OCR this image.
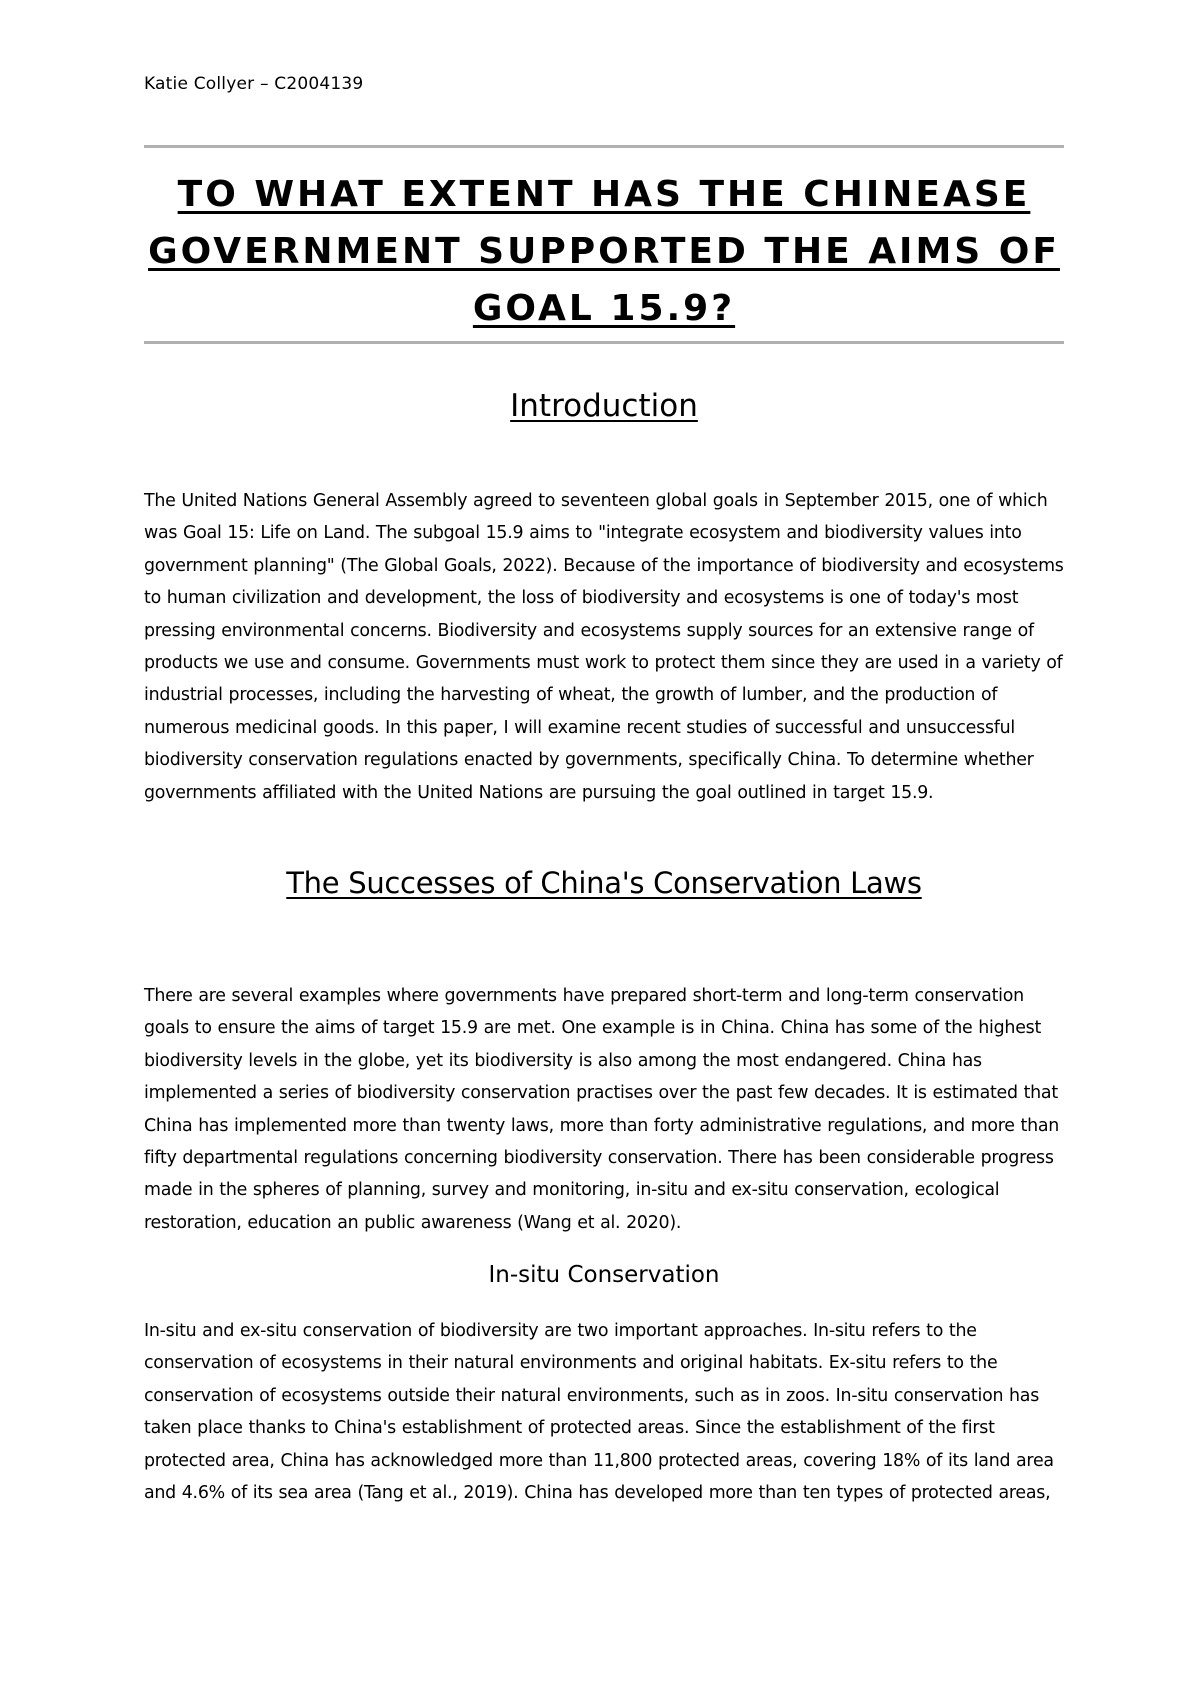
Katie Collyer – C2004139
TO WHAT EXTENT HAS THE CHINEASE GOVERNMENT SUPPORTED THE AIMS OF GOAL 15.9?
Introduction

The United Nations General Assembly agreed to seventeen global goals in September 2015, one of which was Goal 15: Life on Land. The subgoal 15.9 aims to "integrate ecosystem and biodiversity values into government planning" (The Global Goals, 2022). Because of the importance of biodiversity and ecosystems to human civilization and development, the loss of biodiversity and ecosystems is one of today's most pressing environmental concerns. Biodiversity and ecosystems supply sources for an extensive range of products we use and consume. Governments must work to protect them since they are used in a variety of industrial processes, including the harvesting of wheat, the growth of lumber, and the production of numerous medicinal goods. In this paper, I will examine recent studies of successful and unsuccessful biodiversity conservation regulations enacted by governments, specifically China. To determine whether governments affiliated with the United Nations are pursuing the goal outlined in target 15.9.

The Successes of China's Conservation Laws

There are several examples where governments have prepared short-term and long-term conservation goals to ensure the aims of target 15.9 are met. One example is in China. China has some of the highest biodiversity levels in the globe, yet its biodiversity is also among the most endangered. China has implemented a series of biodiversity conservation practises over the past few decades. It is estimated that China has implemented more than twenty laws, more than forty administrative regulations, and more than fifty departmental regulations concerning biodiversity conservation. There has been considerable progress made in the spheres of planning, survey and monitoring, in-situ and ex-situ conservation, ecological restoration, education an public awareness (Wang et al. 2020).

In-situ Conservation

In-situ and ex-situ conservation of biodiversity are two important approaches. In-situ refers to the conservation of ecosystems in their natural environments and original habitats. Ex-situ refers to the conservation of ecosystems outside their natural environments, such as in zoos. In-situ conservation has taken place thanks to China's establishment of protected areas. Since the establishment of the first protected area, China has acknowledged more than 11,800 protected areas, covering 18% of its land area and 4.6% of its sea area (Tang et al., 2019). China has developed more than ten types of protected areas,
